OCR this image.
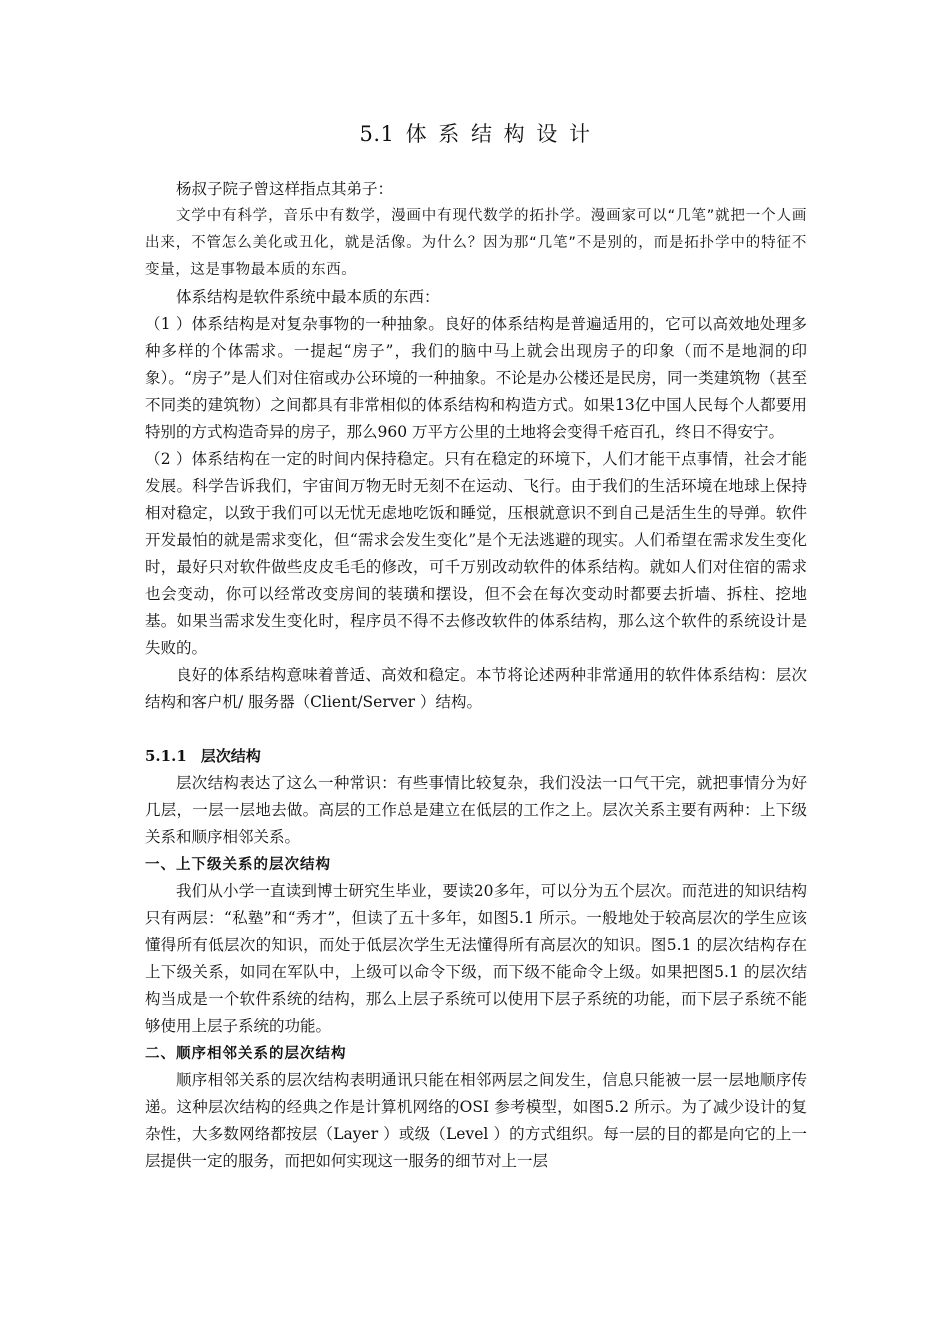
5.1 体 系 结 构 设 计

杨叔子院子曾这样指点其弟子：

文学中有科学，音乐中有数学，漫画中有现代数学的拓扑学。漫画家可以“几笔”就把一个人画出来，不管怎么美化或丑化，就是活像。为什么？因为那“几笔”不是别的，而是拓扑学中的特征不变量，这是事物最本质的东西。

体系结构是软件系统中最本质的东西：

（1 ）体系结构是对复杂事物的一种抽象。良好的体系结构是普遍适用的，它可以高效地处理多种多样的个体需求。一提起“房子”，我们的脑中马上就会出现房子的印象（而不是地洞的印象）。“房子”是人们对住宿或办公环境的一种抽象。不论是办公楼还是民房，同一类建筑物（甚至不同类的建筑物）之间都具有非常相似的体系结构和构造方式。如果13亿中国人民每个人都要用特别的方式构造奇异的房子，那么960 万平方公里的土地将会变得千疮百孔，终日不得安宁。

（2 ）体系结构在一定的时间内保持稳定。只有在稳定的环境下，人们才能干点事情，社会才能发展。科学告诉我们，宇宙间万物无时无刻不在运动、飞行。由于我们的生活环境在地球上保持相对稳定，以致于我们可以无忧无虑地吃饭和睡觉，压根就意识不到自己是活生生的导弹。软件开发最怕的就是需求变化，但“需求会发生变化”是个无法逃避的现实。人们希望在需求发生变化时，最好只对软件做些皮皮毛毛的修改，可千万别改动软件的体系结构。就如人们对住宿的需求也会变动，你可以经常改变房间的装璜和摆设，但不会在每次变动时都要去折墙、拆柱、挖地基。如果当需求发生变化时，程序员不得不去修改软件的体系结构，那么这个软件的系统设计是失败的。

良好的体系结构意味着普适、高效和稳定。本节将论述两种非常通用的软件体系结构：层次结构和客户机/ 服务器（Client/Server ）结构。

5.1.1 层次结构

层次结构表达了这么一种常识：有些事情比较复杂，我们没法一口气干完，就把事情分为好几层，一层一层地去做。高层的工作总是建立在低层的工作之上。层次关系主要有两种：上下级关系和顺序相邻关系。

一、上下级关系的层次结构

我们从小学一直读到博士研究生毕业，要读20多年，可以分为五个层次。而范进的知识结构只有两层：“私塾”和“秀才”，但读了五十多年，如图5.1 所示。一般地处于较高层次的学生应该懂得所有低层次的知识，而处于低层次学生无法懂得所有高层次的知识。图5.1 的层次结构存在上下级关系，如同在军队中，上级可以命令下级，而下级不能命令上级。如果把图5.1 的层次结构当成是一个软件系统的结构，那么上层子系统可以使用下层子系统的功能，而下层子系统不能够使用上层子系统的功能。

二、顺序相邻关系的层次结构

顺序相邻关系的层次结构表明通讯只能在相邻两层之间发生，信息只能被一层一层地顺序传递。这种层次结构的经典之作是计算机网络的OSI 参考模型，如图5.2 所示。为了减少设计的复杂性，大多数网络都按层（Layer ）或级（Level ）的方式组织。每一层的目的都是向它的上一层提供一定的服务，而把如何实现这一服务的细节对上一层
